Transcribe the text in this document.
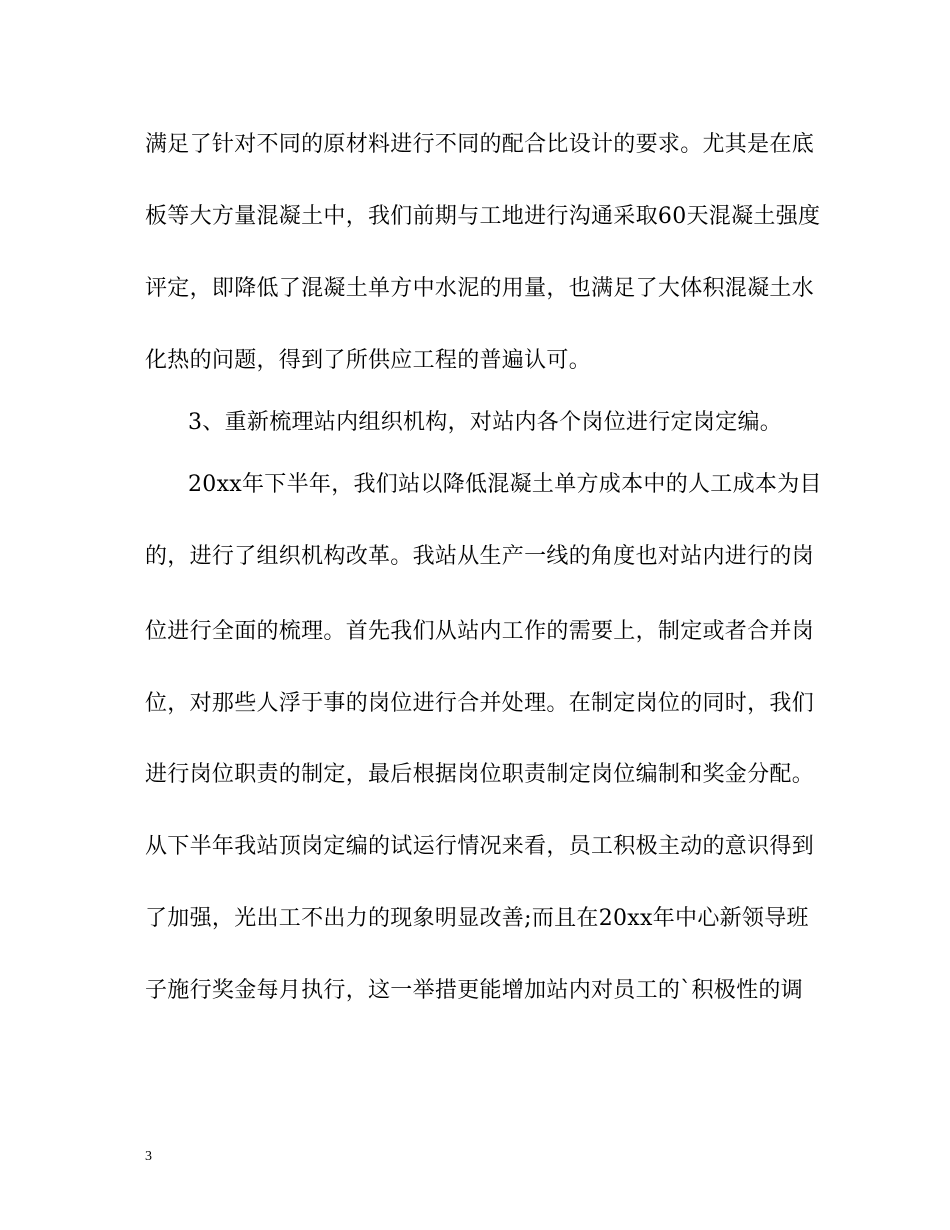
满足了针对不同的原材料进行不同的配合比设计的要求。尤其是在底
板等大方量混凝土中，我们前期与工地进行沟通采取60天混凝土强度
评定，即降低了混凝土单方中水泥的用量，也满足了大体积混凝土水
化热的问题，得到了所供应工程的普遍认可。
3、重新梳理站内组织机构，对站内各个岗位进行定岗定编。
20xx年下半年，我们站以降低混凝土单方成本中的人工成本为目
的，进行了组织机构改革。我站从生产一线的角度也对站内进行的岗
位进行全面的梳理。首先我们从站内工作的需要上，制定或者合并岗
位，对那些人浮于事的岗位进行合并处理。在制定岗位的同时，我们
进行岗位职责的制定，最后根据岗位职责制定岗位编制和奖金分配。
从下半年我站顶岗定编的试运行情况来看，员工积极主动的意识得到
了加强，光出工不出力的现象明显改善;而且在20xx年中心新领导班
子施行奖金每月执行，这一举措更能增加站内对员工的`积极性的调
3
